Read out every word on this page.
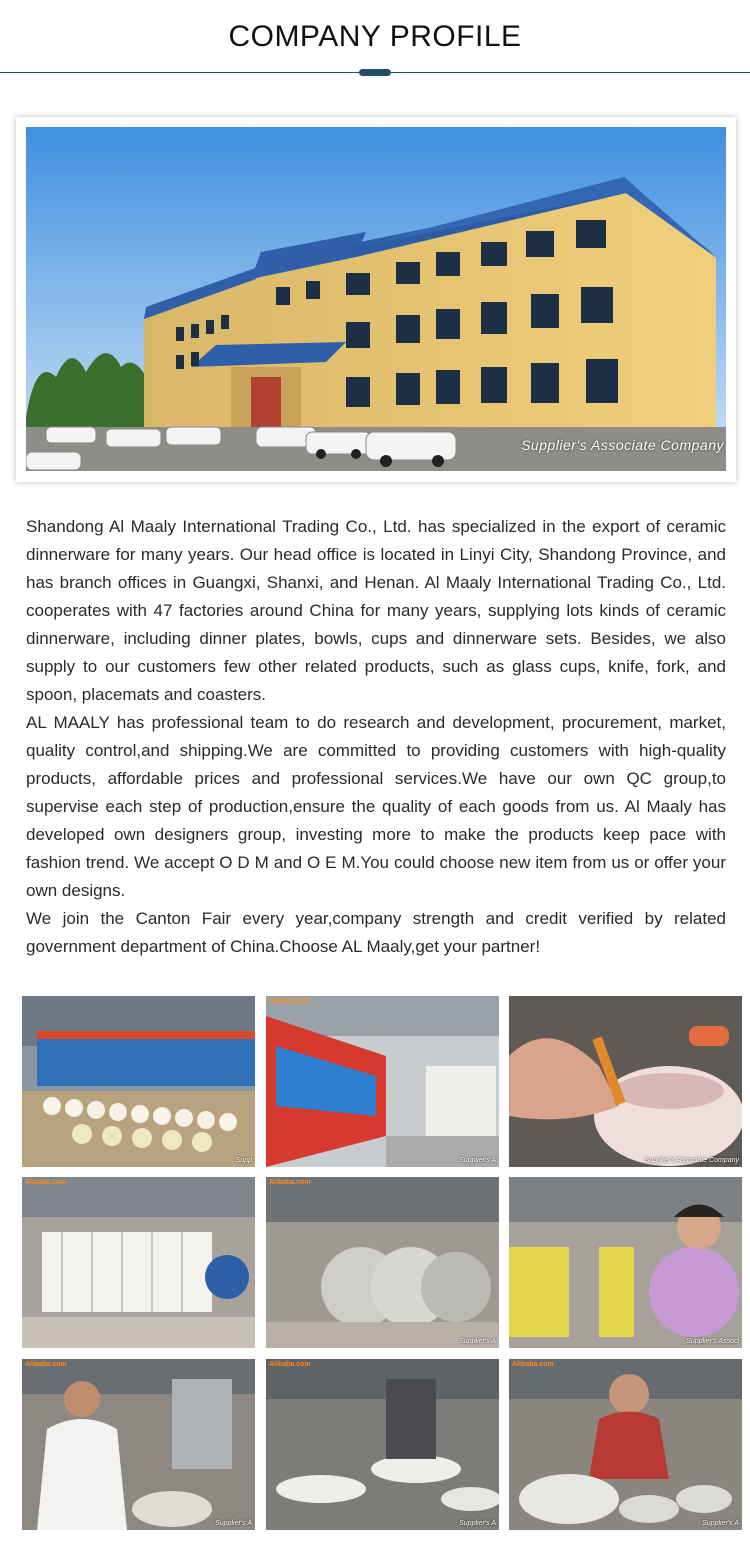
COMPANY PROFILE
Supplier's Associate Company

Shandong Al Maaly International Trading Co., Ltd. has specialized in the export of ceramic dinnerware for many years. Our head office is located in Linyi City, Shandong Province, and has branch offices in Guangxi, Shanxi, and Henan. Al Maaly International Trading Co., Ltd. cooperates with 47 factories around China for many years, supplying lots kinds of ceramic dinnerware, including dinner plates, bowls, cups and dinnerware sets. Besides, we also supply to our customers few other related products, such as glass cups, knife, fork, and spoon, placemats and coasters.

AL MAALY has professional team to do research and development, procurement, market, quality control,and shipping.We are committed to providing customers with high-quality products, affordable prices and professional services.We have our own QC group,to supervise each step of production,ensure the quality of each goods from us. Al Maaly has developed own designers group, investing more to make the products keep pace with fashion trend. We accept O D M and O E M.You could choose new item from us or offer your own designs.

We join the Canton Fair every year,company strength and credit verified by related government department of China.Choose AL Maaly,get your partner!

Supp
Alibaba.com
Supplier's A	Supplier's Associate Company
Alibaba.com	Alibaba.com
Supplier's A	Supplier's Associ
Alibaba.com
Supplier's A
Alibaba.com
Supplier's A
Alibaba.com
Supplier's A
